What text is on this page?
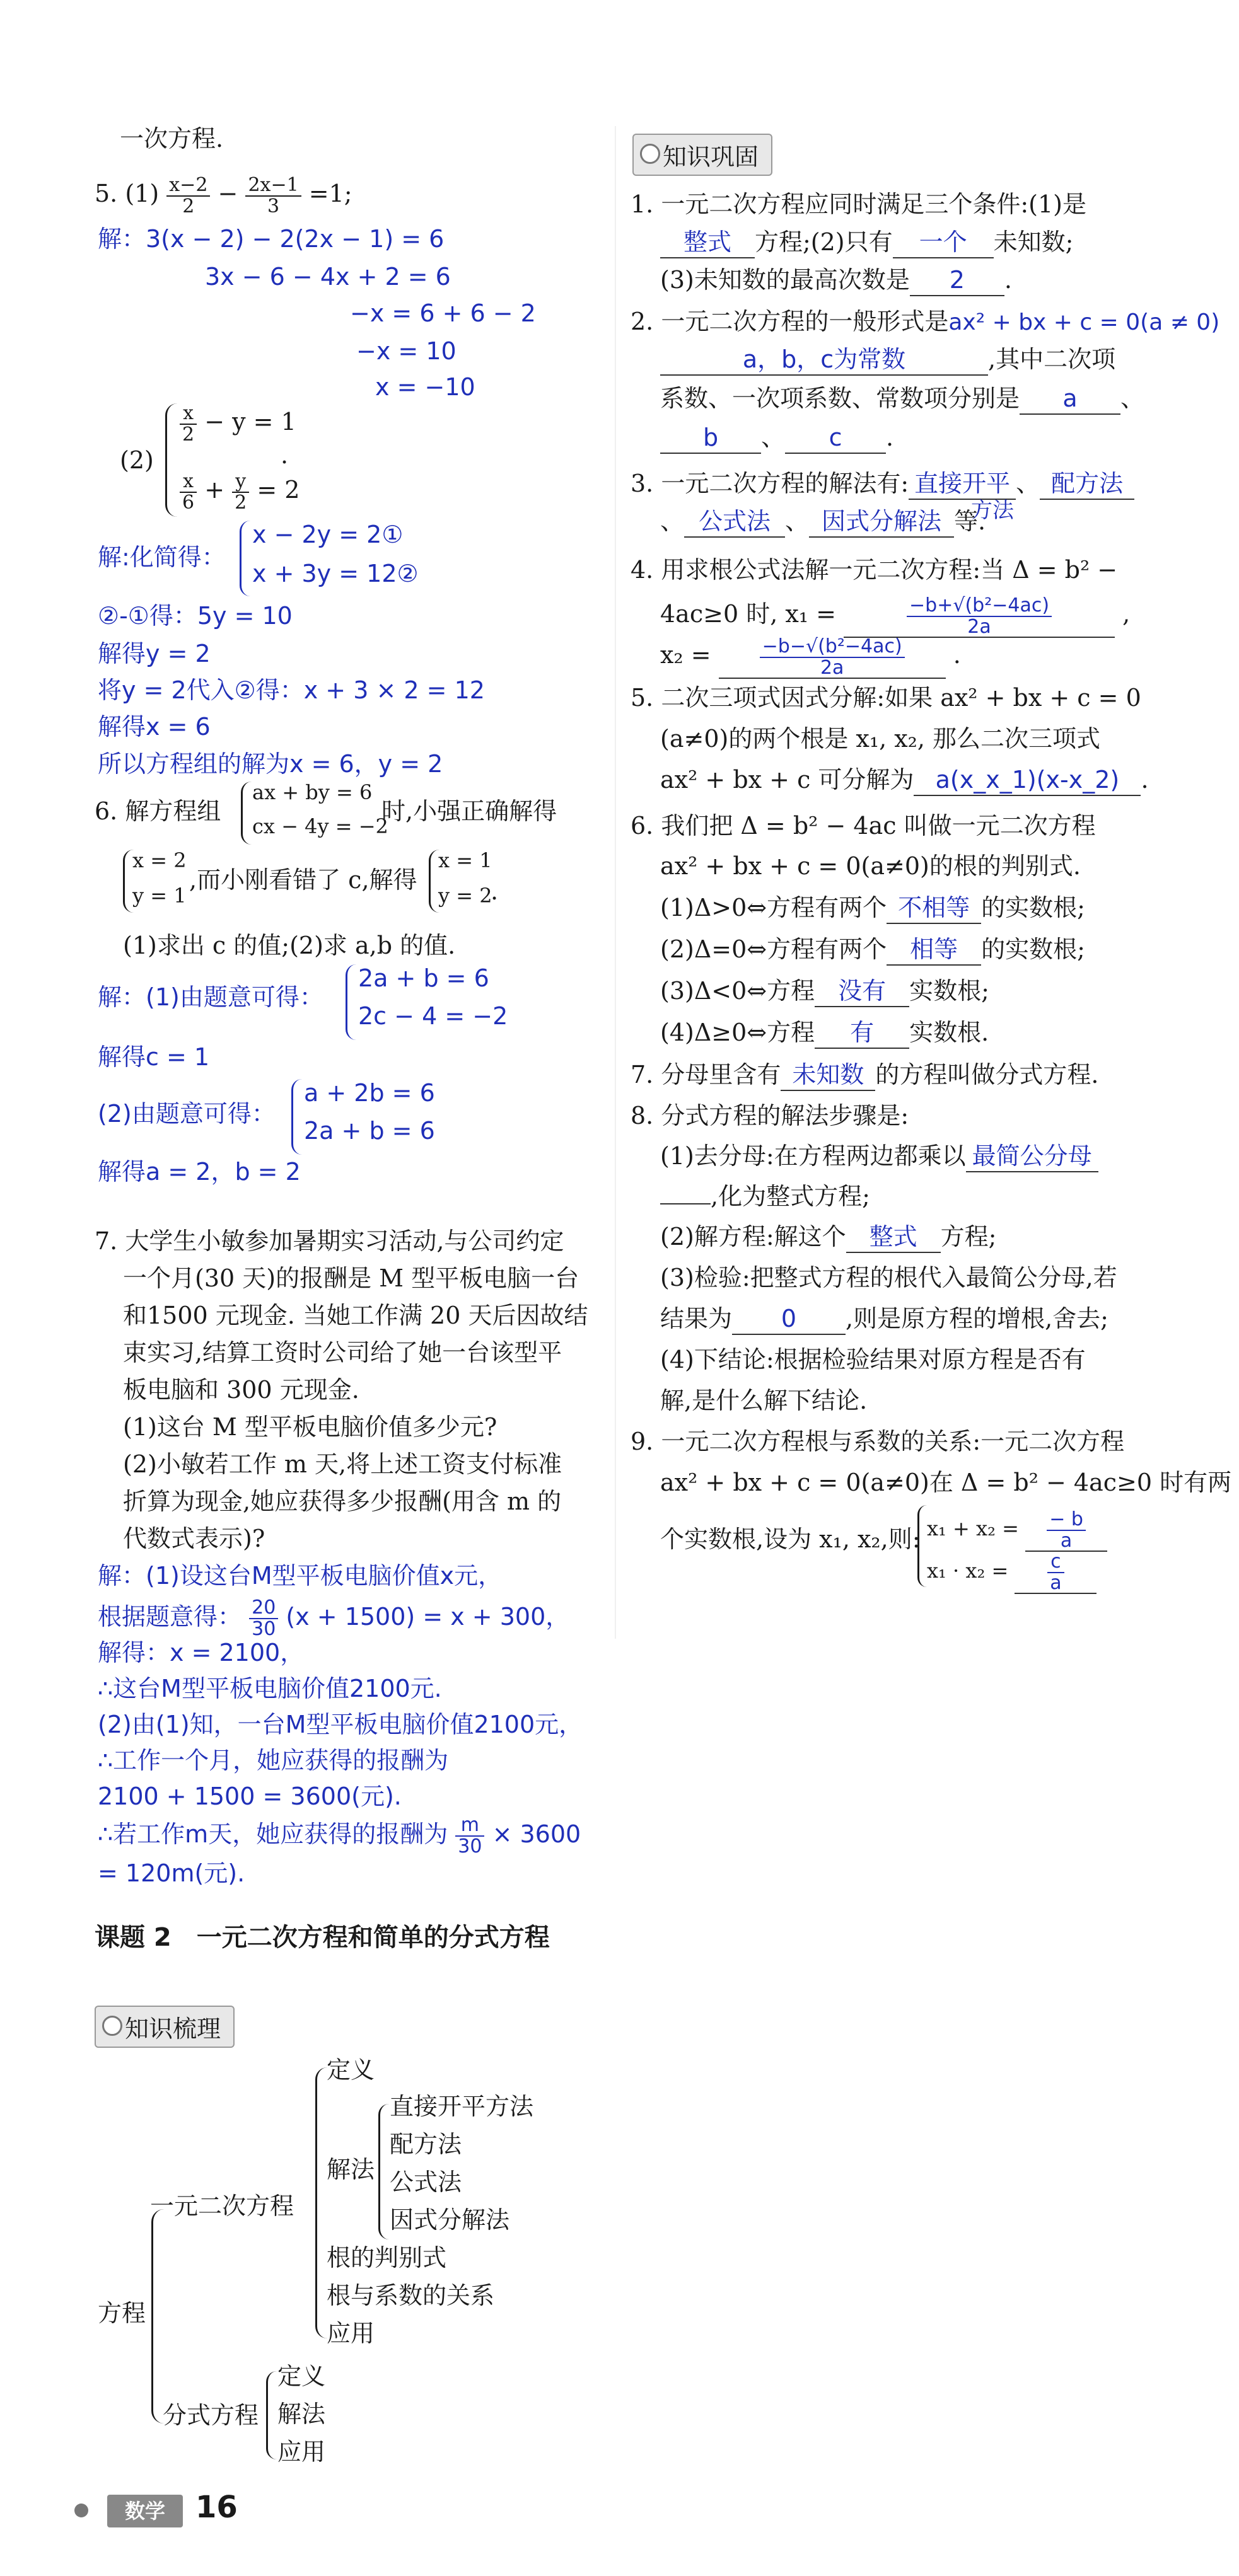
一次方程.
5. $(1) \frac{x-2}{2} - \frac{2x-1}{3} =1$;
解：3(x − 2) − 2(2x − 1) = 6
3x − 6 − 4x + 2 = 6
−x = 6 + 6 − 2
−x = 10
x = −10
(2)
$\frac{x}{2} - y = 1$
$\frac{x}{6} + \frac{y}{2} = 2$
.
解:化简得：
x − 2y = 2①
x + 3y = 12②
②-①得：5y = 10
解得y = 2
将y = 2代入②得：x + 3 × 2 = 12
解得x = 6
所以方程组的解为x = 6，y = 2
6. 解方程组
ax + by = 6
cx − 4y = −2
时,小强正确解得
x = 2
y = 1
,而小刚看错了 c,解得
x = 1
y = 2
.
(1)求出 c 的值;(2)求 a,b 的值.
解：(1)由题意可得：
2a + b = 6
2c − 4 = −2
解得c = 1
(2)由题意可得：
a + 2b = 6
2a + b = 6
解得a = 2，b = 2
7. 大学生小敏参加暑期实习活动,与公司约定
一个月(30 天)的报酬是 M 型平板电脑一台
和1500 元现金. 当她工作满 20 天后因故结
束实习,结算工资时公司给了她一台该型平
板电脑和 300 元现金.
(1)这台 M 型平板电脑价值多少元?
(2)小敏若工作 m 天,将上述工资支付标准
折算为现金,她应获得多少报酬(用含 m 的
代数式表示)?
解：(1)设这台M型平板电脑价值x元，
根据题意得： $\frac{20}{30} (x + 1500) = x + 300$，
解得：x = 2100，
∴这台M型平板电脑价值2100元.
(2)由(1)知，一台M型平板电脑价值2100元，
∴工作一个月，她应获得的报酬为
2100 + 1500 = 3600(元).
∴若工作m天，她应获得的报酬为 $\frac{m}{30} \times 3600$
= 120m(元).
课题 2　一元二次方程和简单的分式方程
知识梳理
定义
一元二次方程
解法
直接开平方法
配方法
公式法
因式分解法
根的判别式
根与系数的关系
应用
方程
分式方程
定义
解法
应用
数学	16
知识巩固
1. 一元二次方程应同时满足三个条件:(1)是
整式 方程;(2)只有 一个 未知数;
(3)未知数的最高次数是 2 .
2. 一元二次方程的一般形式是ax² + bx + c = 0(a ≠ 0)
a，b，c为常数	,其中二次项
系数、一次项系数、常数项分别是 a 、
b 、 c .
3. 一元二次方程的解法有: 直接开平 、 配方法
、 公式法 、 因式分解法 等.
方法
4. 用求根公式法解一元二次方程:当 Δ = b² −
4ac≥0 时, x₁ =	$\frac{\text{−b+√(b²−4ac)}}{2a}$	,
x₂ =	$\frac{\text{−b−√(b²−4ac)}}{2a}$ .
5. 二次三项式因式分解:如果 ax² + bx + c = 0
(a≠0)的两个根是 x₁, x₂, 那么二次三项式
ax² + bx + c 可分解为 a(x_x_1)(x-x_2) .
6. 我们把 Δ = b² − 4ac 叫做一元二次方程
ax² + bx + c = 0(a≠0)的根的判别式.
(1)Δ>0⇔方程有两个 不相等 的实数根;
(2)Δ=0⇔方程有两个 相等 的实数根;
(3)Δ<0⇔方程 没有 实数根;
(4)Δ≥0⇔方程 有 实数根.
7. 分母里含有 未知数 的方程叫做分式方程.
8. 分式方程的解法步骤是:
(1)去分母:在方程两边都乘以 最简公分母
,化为整式方程;
(2)解方程:解这个 整式 方程;
(3)检验:把整式方程的根代入最简公分母,若
结果为 0 ,则是原方程的增根,舍去;
(4)下结论:根据检验结果对原方程是否有
解,是什么解下结论.
9. 一元二次方程根与系数的关系:一元二次方程
ax² + bx + c = 0(a≠0)在 Δ = b² − 4ac≥0 时有两
个实数根,设为 x₁, x₂,则: $x_1 + x_2 = \frac{- b}{a}$
$x_1 \cdot x_2 = \frac{c}{a}$
